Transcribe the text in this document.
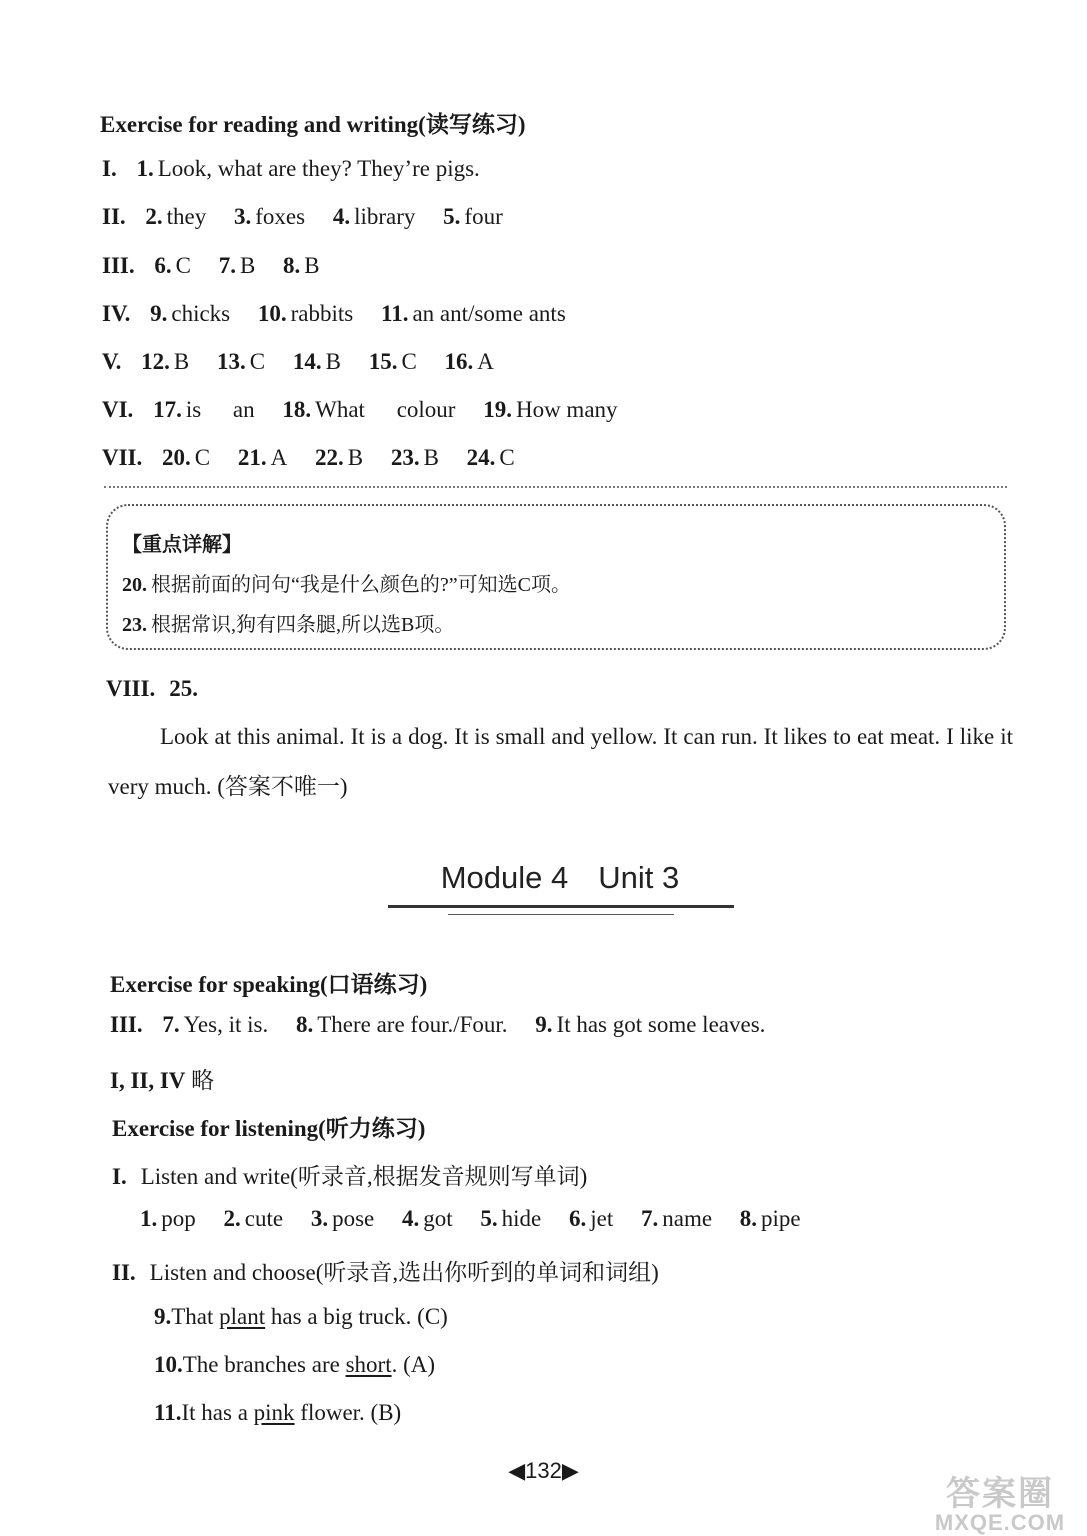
Exercise for reading and writing(读写练习)
I. 1. Look, what are they? They’re pigs.
II. 2. they 3. foxes 4. library 5. four
III. 6. C 7. B 8. B
IV. 9. chicks 10. rabbits 11. an ant/some ants
V. 12. B 13. C 14. B 15. C 16. A
VI. 17. is an 18. What colour 19. How many
VII. 20. C 21. A 22. B 23. B 24. C
【重点详解】
20. 根据前面的问句“我是什么颜色的?”可知选C项。
23. 根据常识,狗有四条腿,所以选B项。
VIII. 25.
Look at this animal. It is a dog. It is small and yellow. It can run. It likes to eat meat. I like it very much. (答案不唯一)
Module 4 Unit 3
Exercise for speaking(口语练习)
III. 7. Yes, it is. 8. There are four./Four. 9. It has got some leaves.
I, II, IV 略
Exercise for listening(听力练习)
I. Listen and write(听录音,根据发音规则写单词)
1. pop 2. cute 3. pose 4. got 5. hide 6. jet 7. name 8. pipe
II. Listen and choose(听录音,选出你听到的单词和词组)
9.That plant has a big truck. (C)
10.The branches are short. (A)
11.It has a pink flower. (B)
◀132▶
答案圈
MXQE.COM
